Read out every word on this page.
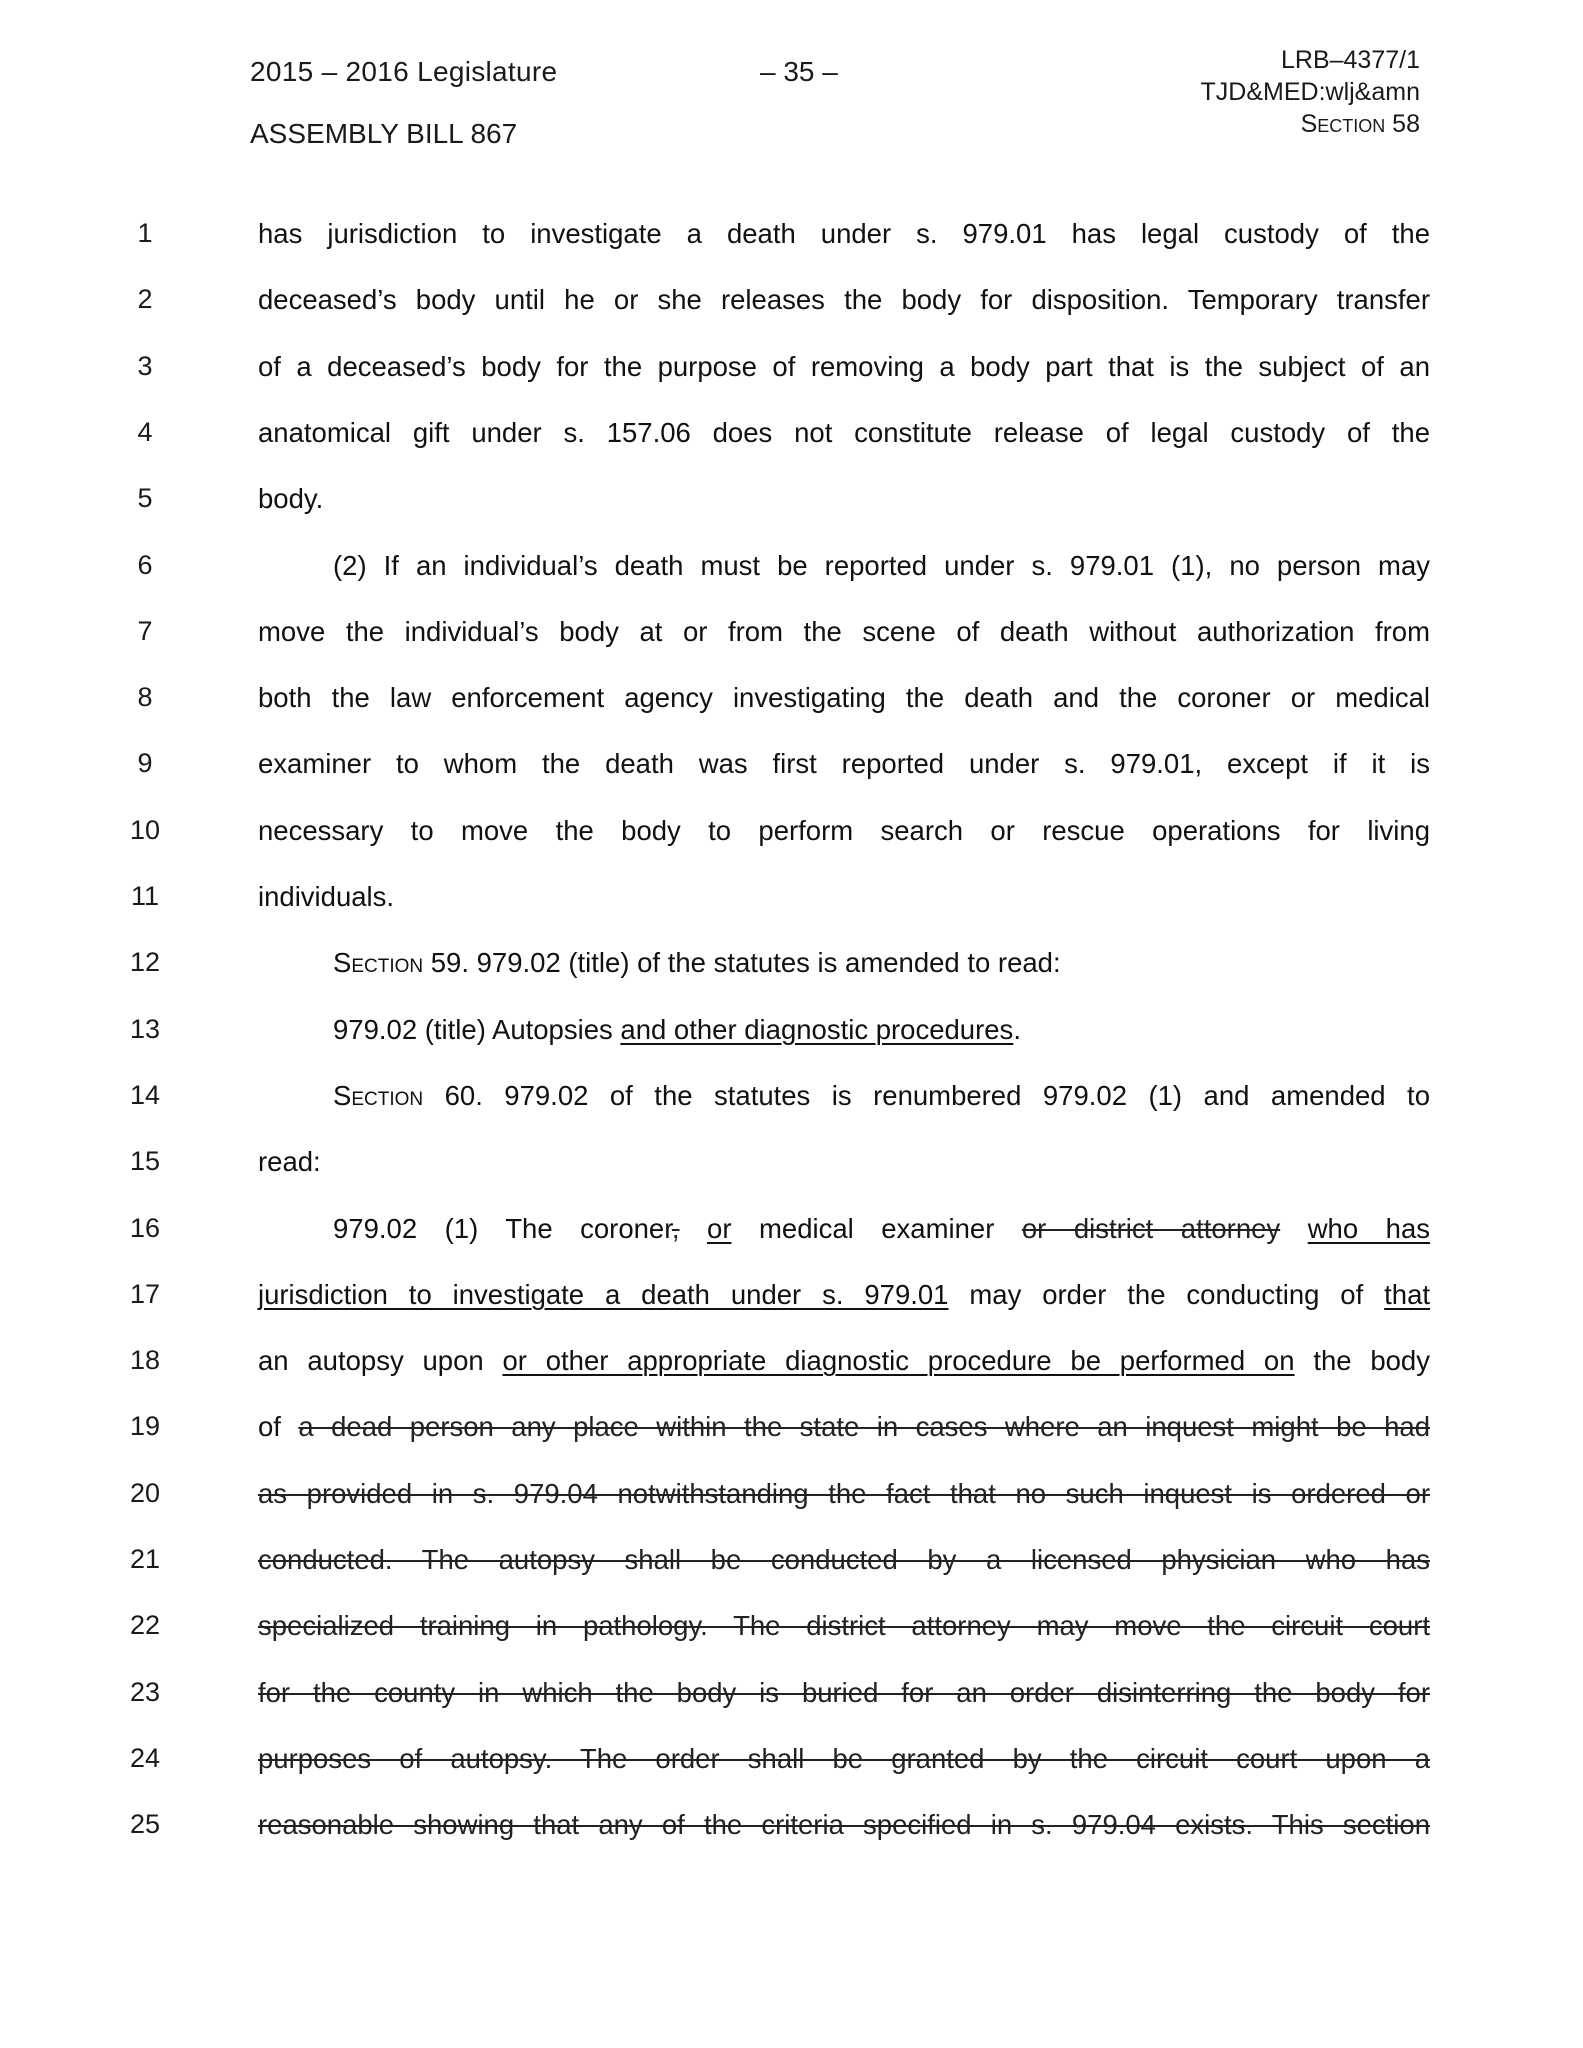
2015 – 2016 Legislature
ASSEMBLY BILL 867
– 35 –	LRB–4377/1
TJD&MED:wlj&amn
Section 58
1	has jurisdiction to investigate a death under s. 979.01 has legal custody of the
2	deceased’s body until he or she releases the body for disposition. Temporary transfer
3	of a deceased’s body for the purpose of removing a body part that is the subject of an
4	anatomical gift under s. 157.06 does not constitute release of legal custody of the
5	body.
6	(2) If an individual’s death must be reported under s. 979.01 (1), no person may
7	move the individual’s body at or from the scene of death without authorization from
8	both the law enforcement agency investigating the death and the coroner or medical
9	examiner to whom the death was first reported under s. 979.01, except if it is
10	necessary to move the body to perform search or rescue operations for living
11	individuals.
12	Section 59. 979.02 (title) of the statutes is amended to read:
13	979.02 (title) Autopsies and other diagnostic procedures.
14	Section 60. 979.02 of the statutes is renumbered 979.02 (1) and amended to
15	read:
16	979.02 (1) The coroner, or medical examiner or district attorney who has
17	jurisdiction to investigate a death under s. 979.01 may order the conducting of that
18	an autopsy upon or other appropriate diagnostic procedure be performed on the body
19	of a dead person any place within the state in cases where an inquest might be had
20	as provided in s. 979.04 notwithstanding the fact that no such inquest is ordered or
21	conducted. The autopsy shall be conducted by a licensed physician who has
22	specialized training in pathology. The district attorney may move the circuit court
23	for the county in which the body is buried for an order disinterring the body for
24	purposes of autopsy. The order shall be granted by the circuit court upon a
25	reasonable showing that any of the criteria specified in s. 979.04 exists. This section
